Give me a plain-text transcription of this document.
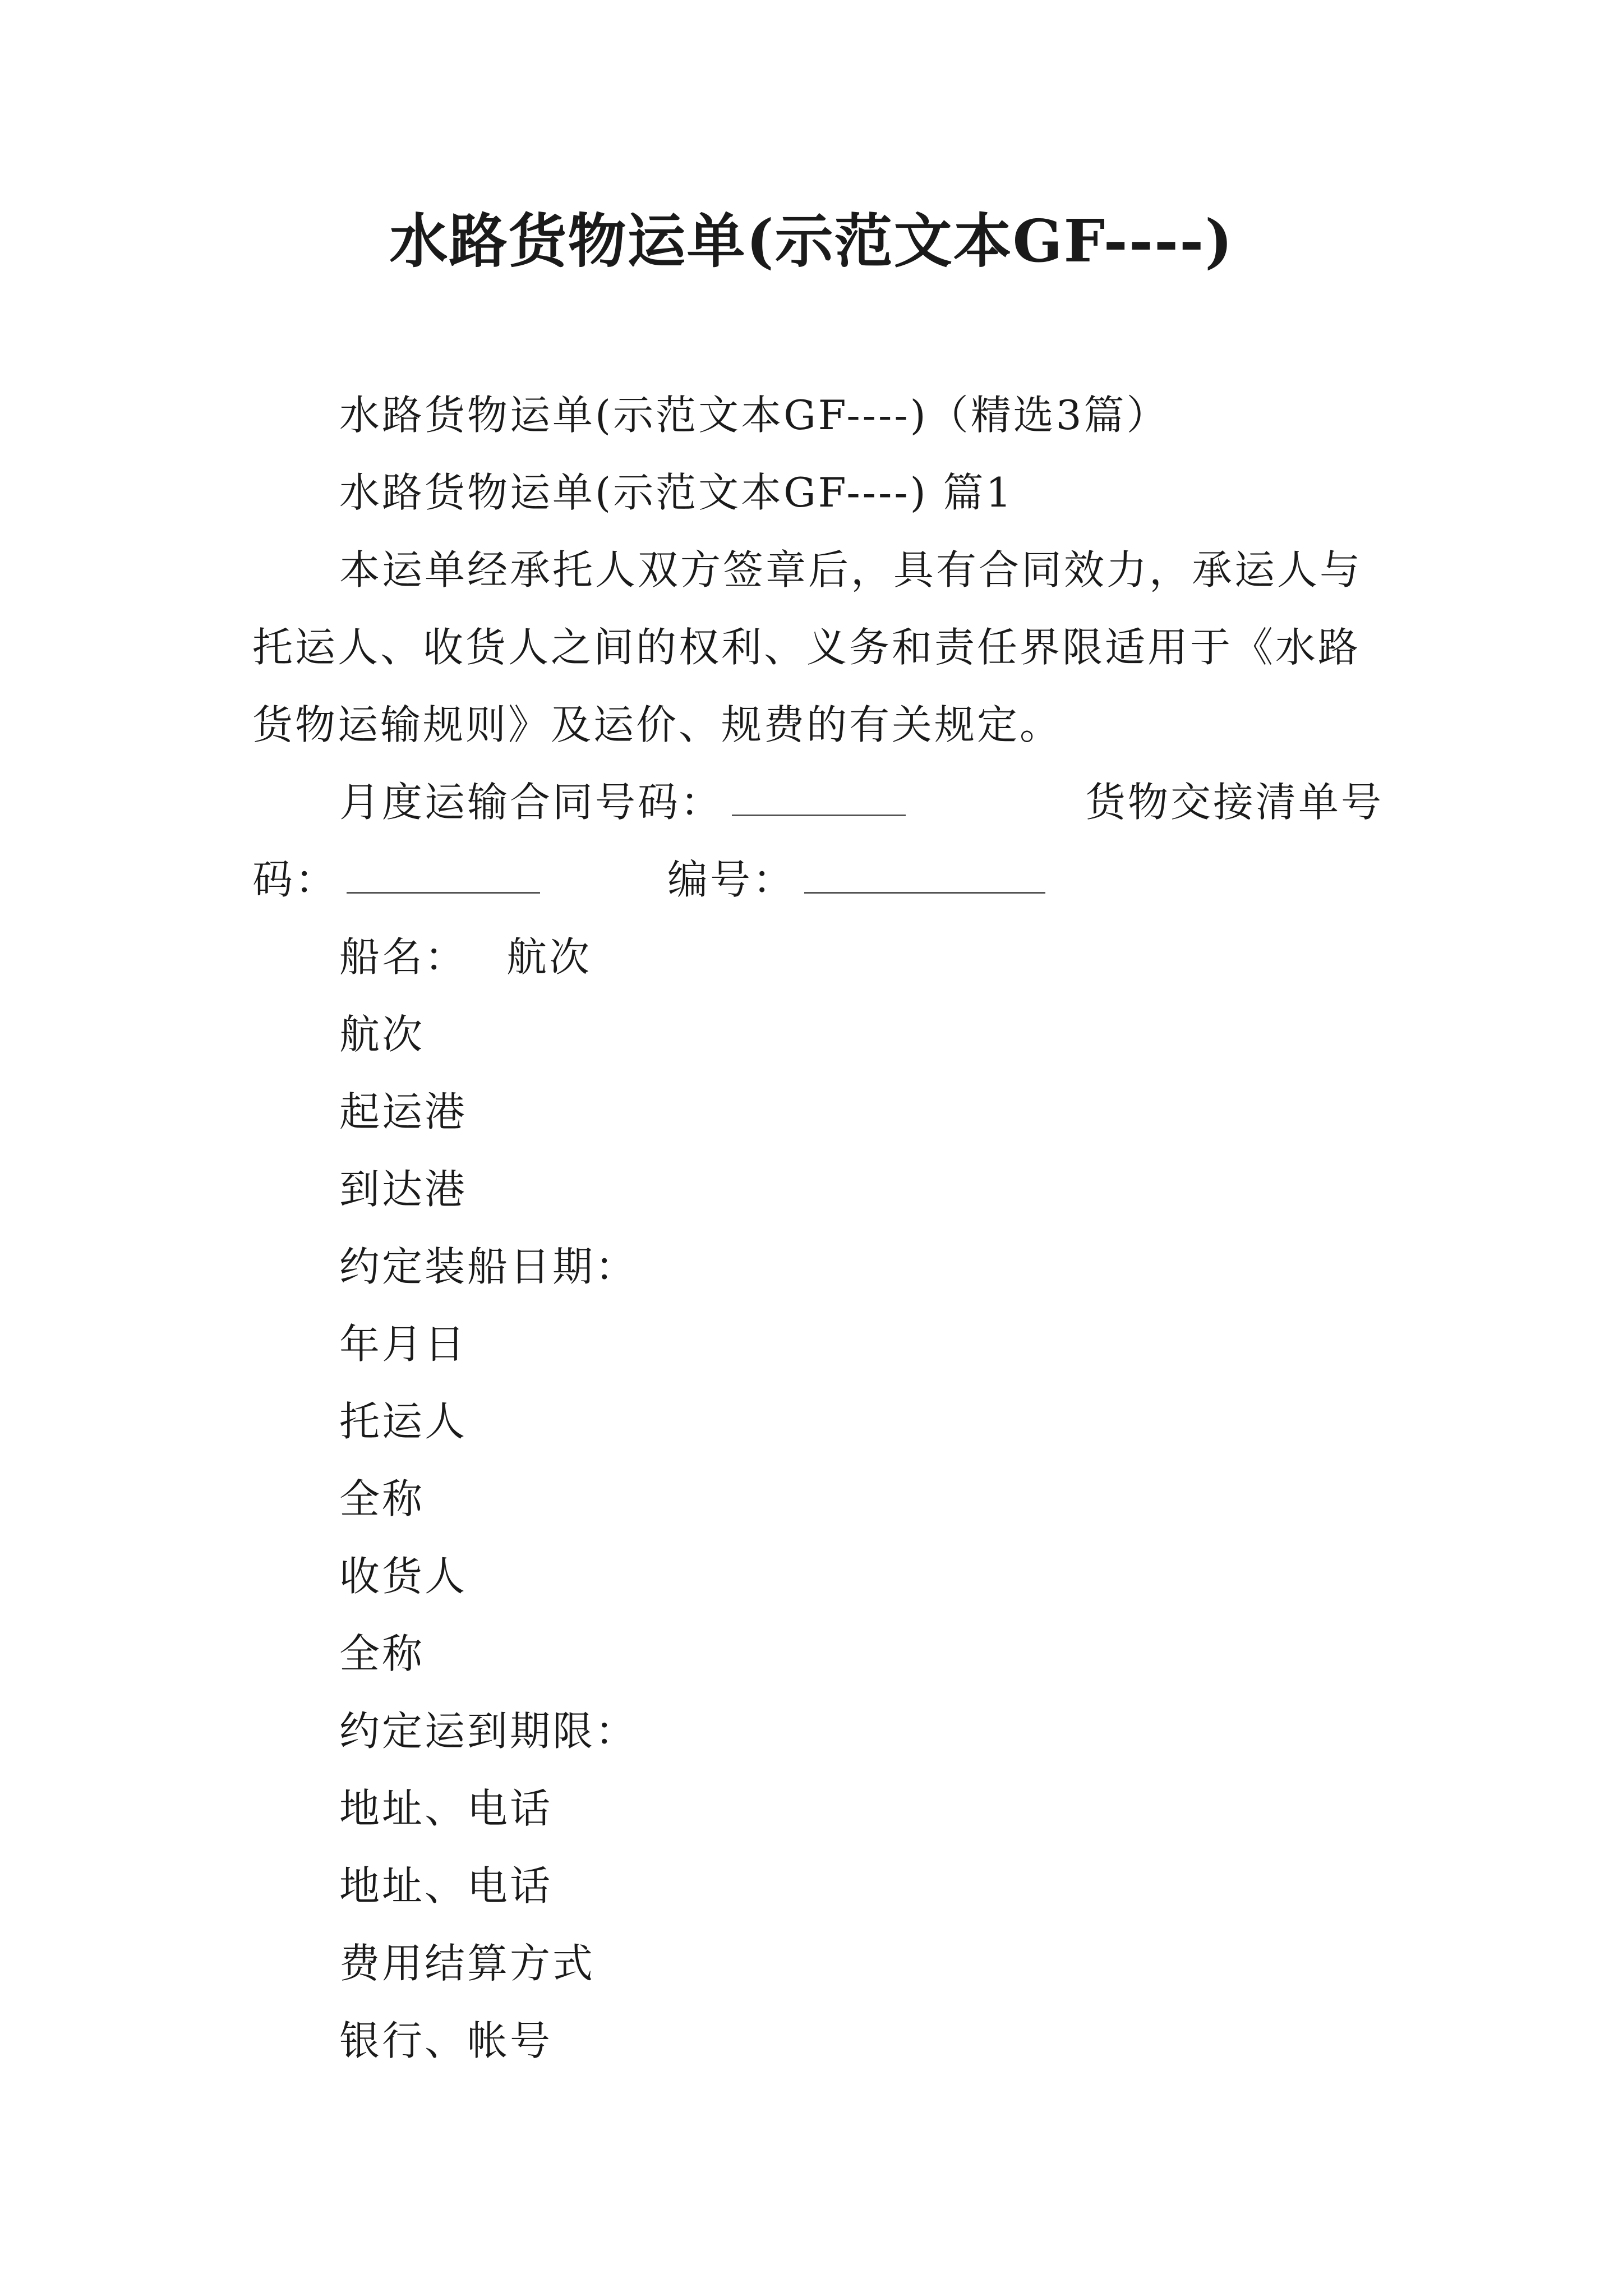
水路货物运单(示范文本GF----)
水路货物运单(示范文本GF----)（精选3篇）
水路货物运单(示范文本GF----) 篇1
本运单经承托人双方签章后，具有合同效力，承运人与
托运人、收货人之间的权利、义务和责任界限适用于《水路
货物运输规则》及运价、规费的有关规定。
月度运输合同号码：	货物交接清单号
码：	编号：
船名： 航次
航次
起运港
到达港
约定装船日期：
年月日
托运人
全称
收货人
全称
约定运到期限：
地址、电话
地址、电话
费用结算方式
银行、帐号
